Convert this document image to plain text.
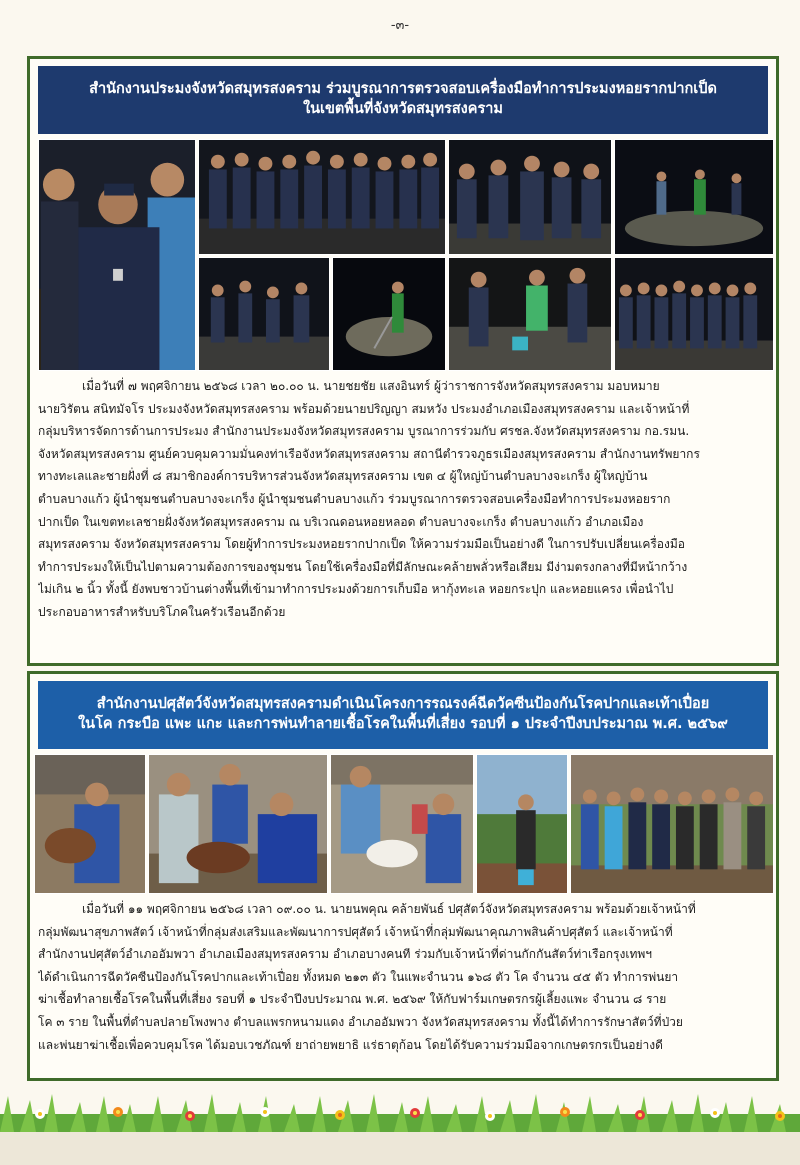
-๓-
สำนักงานประมงจังหวัดสมุทรสงคราม ร่วมบูรณาการตรวจสอบเครื่องมือทำการประมงหอยรากปากเป็ด
ในเขตพื้นที่จังหวัดสมุทรสงคราม

เมื่อวันที่ ๗ พฤศจิกายน ๒๕๖๘ เวลา ๒๐.๐๐ น. นายชยชัย แสงอินทร์ ผู้ว่าราชการจังหวัดสมุทรสงคราม มอบหมาย
นายวิรัตน สนิทมัจโร ประมงจังหวัดสมุทรสงคราม พร้อมด้วยนายปริญญา สมหวัง ประมงอำเภอเมืองสมุทรสงคราม และเจ้าหน้าที่
กลุ่มบริหารจัดการด้านการประมง สำนักงานประมงจังหวัดสมุทรสงคราม บูรณาการร่วมกับ ศรชล.จังหวัดสมุทรสงคราม กอ.รมน.
จังหวัดสมุทรสงคราม ศูนย์ควบคุมความมั่นคงท่าเรือจังหวัดสมุทรสงคราม สถานีตำรวจภูธรเมืองสมุทรสงคราม สำนักงานทรัพยากร
ทางทะเลและชายฝั่งที่ ๘ สมาชิกองค์การบริหารส่วนจังหวัดสมุทรสงคราม เขต ๔ ผู้ใหญ่บ้านตำบลบางจะเกร็ง ผู้ใหญ่บ้าน
ตำบลบางแก้ว ผู้นำชุมชนตำบลบางจะเกร็ง ผู้นำชุมชนตำบลบางแก้ว ร่วมบูรณาการตรวจสอบเครื่องมือทำการประมงหอยราก
ปากเป็ด ในเขตทะเลชายฝั่งจังหวัดสมุทรสงคราม ณ บริเวณดอนหอยหลอด ตำบลบางจะเกร็ง ตำบลบางแก้ว อำเภอเมือง
สมุทรสงคราม จังหวัดสมุทรสงคราม โดยผู้ทำการประมงหอยรากปากเป็ด ให้ความร่วมมือเป็นอย่างดี ในการปรับเปลี่ยนเครื่องมือ
ทำการประมงให้เป็นไปตามความต้องการของชุมชน โดยใช้เครื่องมือที่มีลักษณะคล้ายพลั่วหรือเสียม มีง่ามตรงกลางที่มีหน้ากว้าง
ไม่เกิน ๒ นิ้ว ทั้งนี้ ยังพบชาวบ้านต่างพื้นที่เข้ามาทำการประมงด้วยการเก็บมือ หากุ้งทะเล หอยกระปุก และหอยแครง เพื่อนำไป
ประกอบอาหารสำหรับบริโภคในครัวเรือนอีกด้วย

สำนักงานปศุสัตว์จังหวัดสมุทรสงครามดำเนินโครงการรณรงค์ฉีดวัคซีนป้องกันโรคปากและเท้าเปื่อย
ในโค กระบือ แพะ แกะ และการพ่นทำลายเชื้อโรคในพื้นที่เสี่ยง รอบที่ ๑ ประจำปีงบประมาณ พ.ศ. ๒๕๖๙

เมื่อวันที่ ๑๑ พฤศจิกายน ๒๕๖๘ เวลา ๐๙.๐๐ น. นายนพคุณ คล้ายพันธ์ ปศุสัตว์จังหวัดสมุทรสงคราม พร้อมด้วยเจ้าหน้าที่
กลุ่มพัฒนาสุขภาพสัตว์ เจ้าหน้าที่กลุ่มส่งเสริมและพัฒนาการปศุสัตว์ เจ้าหน้าที่กลุ่มพัฒนาคุณภาพสินค้าปศุสัตว์ และเจ้าหน้าที่
สำนักงานปศุสัตว์อำเภออัมพวา อำเภอเมืองสมุทรสงคราม อำเภอบางคนที ร่วมกับเจ้าหน้าที่ด่านกักกันสัตว์ท่าเรือกรุงเทพฯ
ได้ดำเนินการฉีดวัคซีนป้องกันโรคปากและเท้าเปื่อย ทั้งหมด ๒๑๓ ตัว ในแพะจำนวน ๑๖๘ ตัว โค จำนวน ๔๕ ตัว ทำการพ่นยา
ฆ่าเชื้อทำลายเชื้อโรคในพื้นที่เสี่ยง รอบที่ ๑ ประจำปีงบประมาณ พ.ศ. ๒๕๖๙ ให้กับฟาร์มเกษตรกรผู้เลี้ยงแพะ จำนวน ๘ ราย
โค ๓ ราย ในพื้นที่ตำบลปลายโพงพาง ตำบลแพรกหนามแดง อำเภออัมพวา จังหวัดสมุทรสงคราม ทั้งนี้ได้ทำการรักษาสัตว์ที่ป่วย
และพ่นยาฆ่าเชื้อเพื่อควบคุมโรค ได้มอบเวชภัณฑ์ ยาถ่ายพยาธิ แร่ธาตุก้อน โดยได้รับความร่วมมือจากเกษตรกรเป็นอย่างดี
